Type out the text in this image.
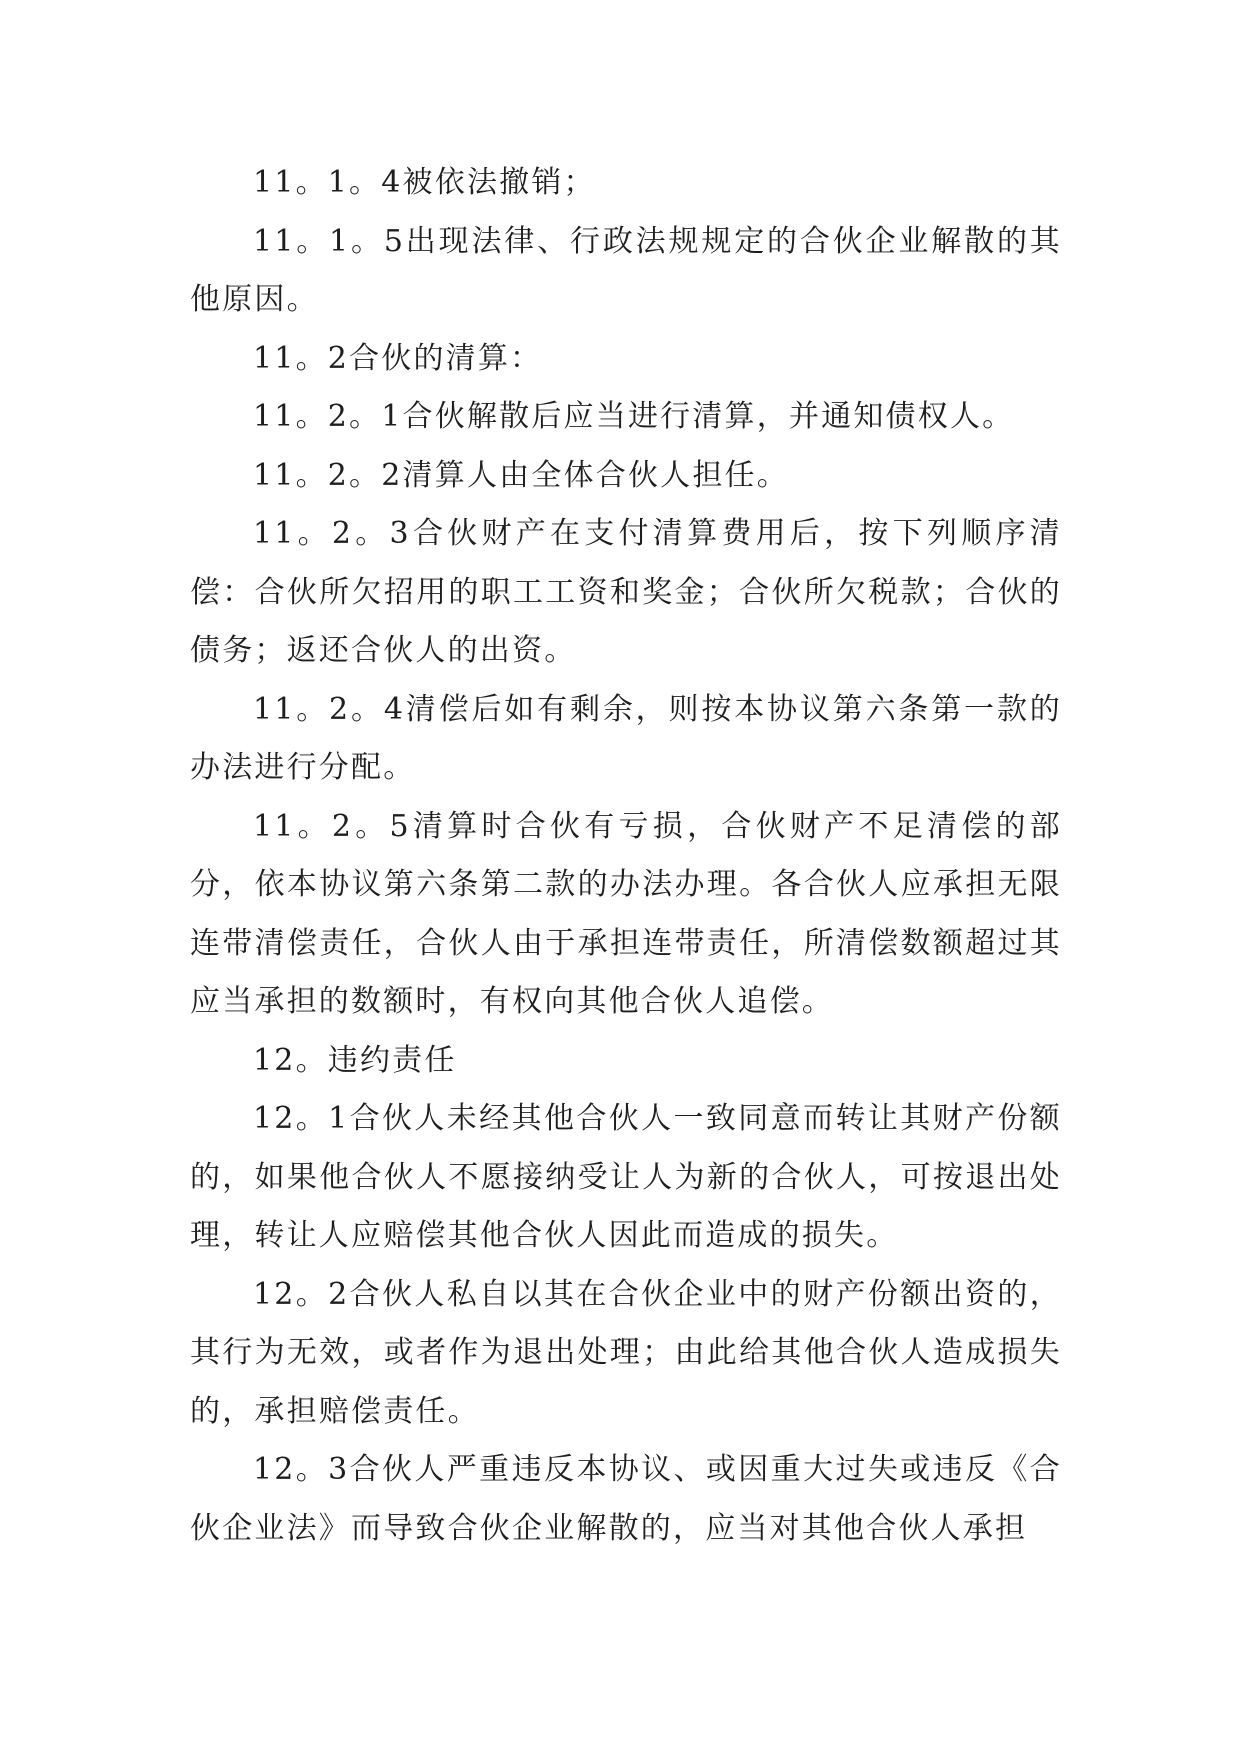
11。1。4被依法撤销；

11。1。5出现法律、行政法规规定的合伙企业解散的其他原因。

11。2合伙的清算：

11。2。1合伙解散后应当进行清算，并通知债权人。

11。2。2清算人由全体合伙人担任。

11。2。3合伙财产在支付清算费用后，按下列顺序清偿：合伙所欠招用的职工工资和奖金；合伙所欠税款；合伙的债务；返还合伙人的出资。

11。2。4清偿后如有剩余，则按本协议第六条第一款的办法进行分配。

11。2。5清算时合伙有亏损，合伙财产不足清偿的部分，依本协议第六条第二款的办法办理。各合伙人应承担无限连带清偿责任，合伙人由于承担连带责任，所清偿数额超过其应当承担的数额时，有权向其他合伙人追偿。

12。违约责任

12。1合伙人未经其他合伙人一致同意而转让其财产份额的，如果他合伙人不愿接纳受让人为新的合伙人，可按退出处理，转让人应赔偿其他合伙人因此而造成的损失。

12。2合伙人私自以其在合伙企业中的财产份额出资的，其行为无效，或者作为退出处理；由此给其他合伙人造成损失的，承担赔偿责任。

12。3合伙人严重违反本协议、或因重大过失或违反《合伙企业法》而导致合伙企业解散的，应当对其他合伙人承担
